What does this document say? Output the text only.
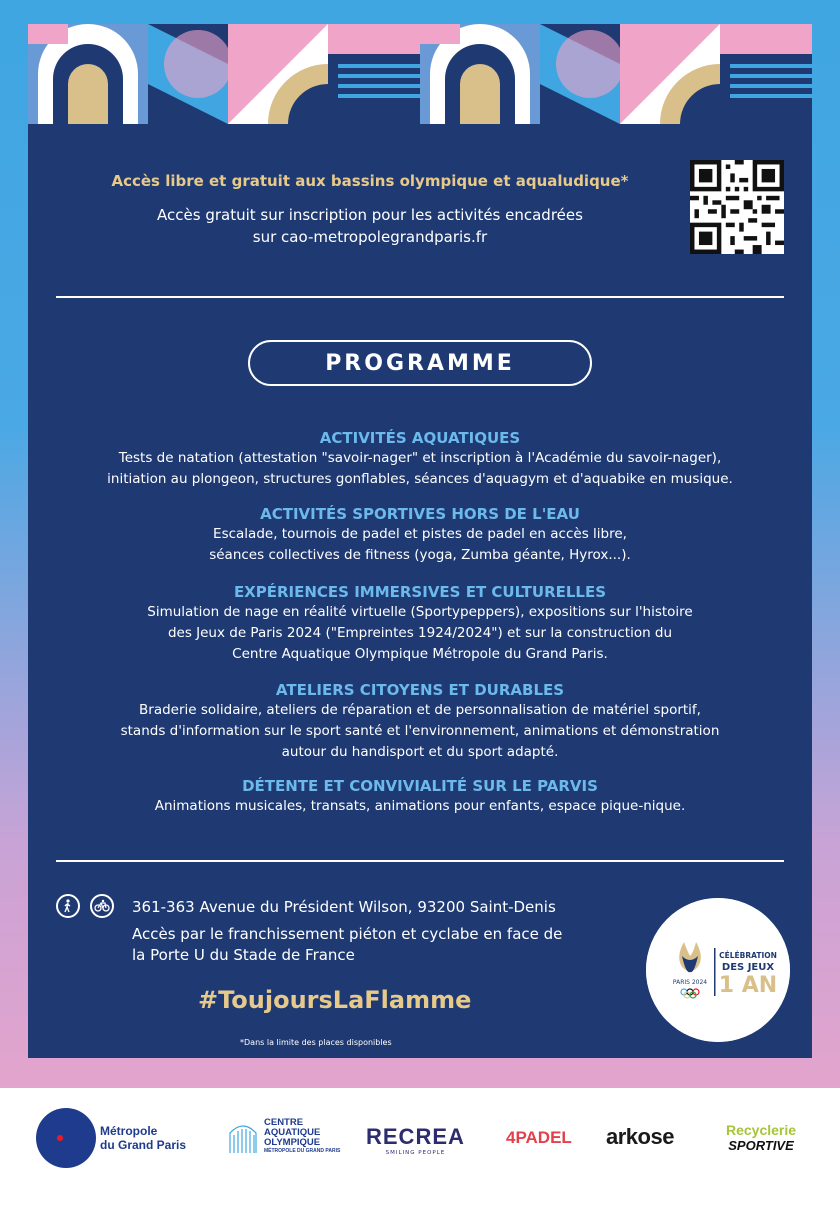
Accès libre et gratuit aux bassins olympique et aqualudique*
Accès gratuit sur inscription pour les activités encadrées
sur cao-metropolegrandparis.fr
PROGRAMME
ACTIVITÉS AQUATIQUES
Tests de natation (attestation "savoir-nager" et inscription à l'Académie du savoir-nager),
initiation au plongeon, structures gonflables, séances d'aquagym et d'aquabike en musique.
ACTIVITÉS SPORTIVES HORS DE L'EAU
Escalade, tournois de padel et pistes de padel en accès libre,
séances collectives de fitness (yoga, Zumba géante, Hyrox...).
EXPÉRIENCES IMMERSIVES ET CULTURELLES
Simulation de nage en réalité virtuelle (Sportypeppers), expositions sur l'histoire
des Jeux de Paris 2024 ("Empreintes 1924/2024") et sur la construction du
Centre Aquatique Olympique Métropole du Grand Paris.
ATELIERS CITOYENS ET DURABLES
Braderie solidaire, ateliers de réparation et de personnalisation de matériel sportif,
stands d'information sur le sport santé et l'environnement, animations et démonstration
autour du handisport et du sport adapté.
DÉTENTE ET CONVIVIALITÉ SUR LE PARVIS
Animations musicales, transats, animations pour enfants, espace pique-nique.
361-363 Avenue du Président Wilson, 93200 Saint-Denis
Accès par le franchissement piéton et cyclabe en face de
la Porte U du Stade de France
#ToujoursLaFlamme
*Dans la limite des places disponibles
PARIS 2024
CÉLÉBRATION
DES JEUX
1 AN
Métropole
du Grand Paris
CENTRE
AQUATIQUE
OLYMPIQUE
MÉTROPOLE DU GRAND PARIS
RECREA
SMILING PEOPLE
4PADEL arkose	Recyclerie
SPORTIVE
